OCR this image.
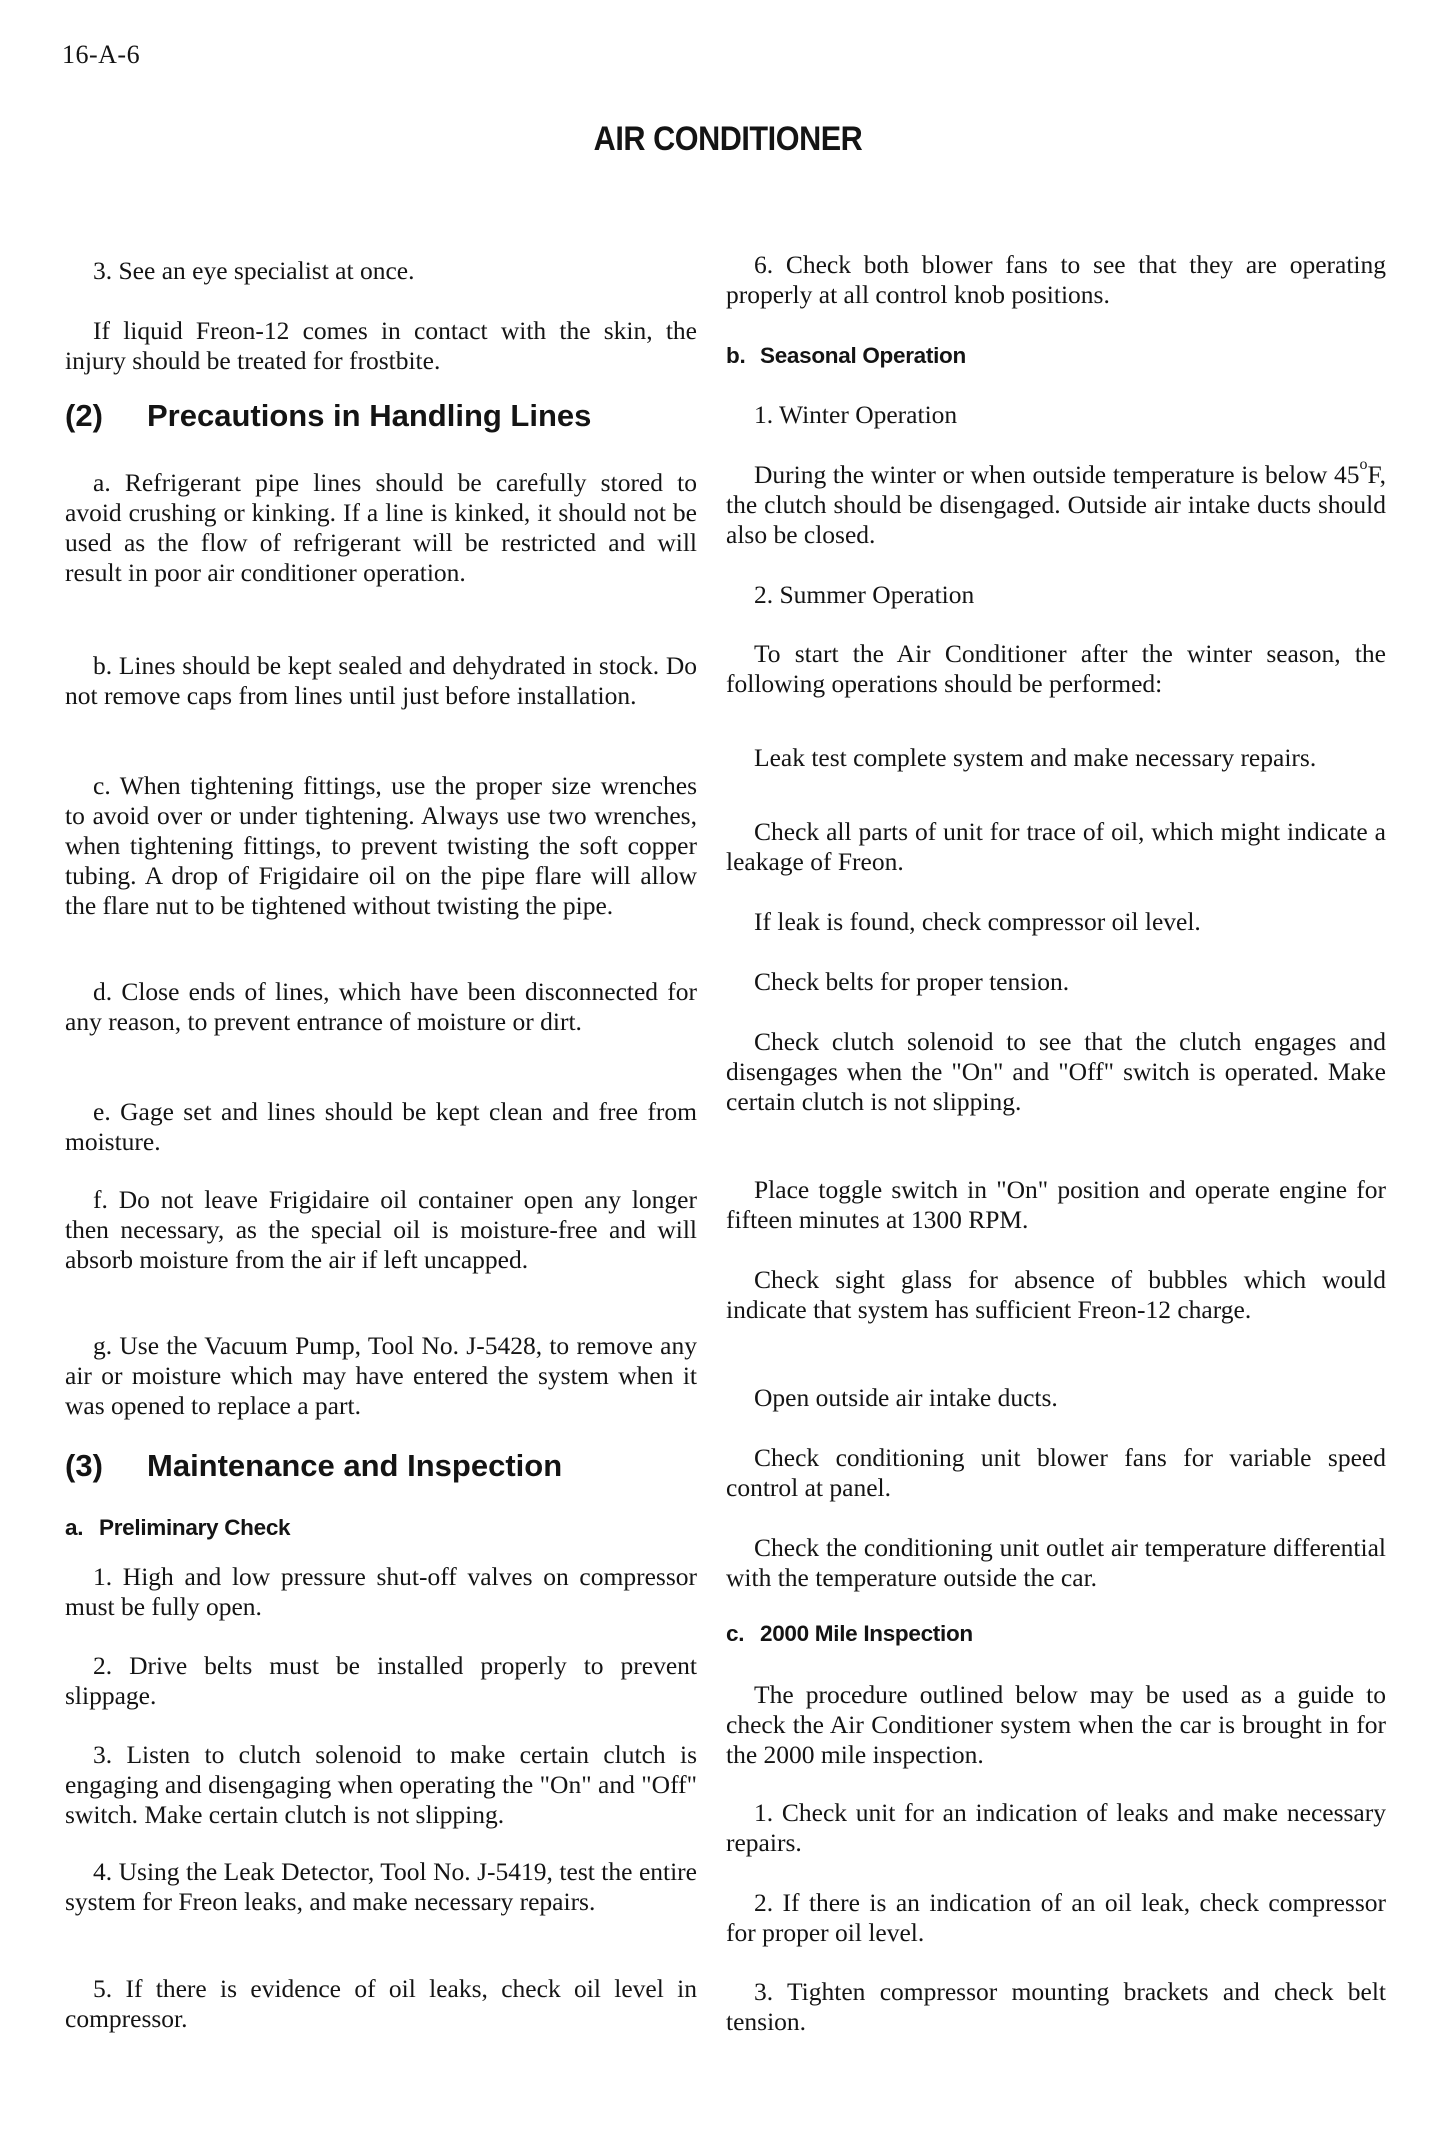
16-A-6
AIR CONDITIONER

3. See an eye specialist at once.

If liquid Freon-12 comes in contact with the skin, the injury should be treated for frostbite.

(2) Precautions in Handling Lines

a. Refrigerant pipe lines should be carefully stored to avoid crushing or kinking. If a line is kinked, it should not be used as the flow of refrigerant will be restricted and will result in poor air conditioner operation.

b. Lines should be kept sealed and dehydrated in stock. Do not remove caps from lines until just before installation.

c. When tightening fittings, use the proper size wrenches to avoid over or under tightening. Always use two wrenches, when tightening fittings, to prevent twisting the soft copper tubing. A drop of Frigidaire oil on the pipe flare will allow the flare nut to be tightened without twisting the pipe.

d. Close ends of lines, which have been disconnected for any reason, to prevent entrance of moisture or dirt.

e. Gage set and lines should be kept clean and free from moisture.

f. Do not leave Frigidaire oil container open any longer then necessary, as the special oil is moisture-free and will absorb moisture from the air if left uncapped.

g. Use the Vacuum Pump, Tool No. J-5428, to remove any air or moisture which may have entered the system when it was opened to replace a part.

(3) Maintenance and Inspection
a. Preliminary Check

1. High and low pressure shut-off valves on compressor must be fully open.

2. Drive belts must be installed properly to prevent slippage.

3. Listen to clutch solenoid to make certain clutch is engaging and disengaging when operating the "On" and "Off" switch. Make certain clutch is not slipping.

4. Using the Leak Detector, Tool No. J-5419, test the entire system for Freon leaks, and make necessary repairs.

5. If there is evidence of oil leaks, check oil level in compressor.

6. Check both blower fans to see that they are operating properly at all control knob positions.

b. Seasonal Operation

1. Winter Operation

During the winter or when outside temperature is below 45$^o$F, the clutch should be disengaged. Outside air intake ducts should also be closed.

2. Summer Operation

To start the Air Conditioner after the winter season, the following operations should be performed:

Leak test complete system and make necessary repairs.

Check all parts of unit for trace of oil, which might indicate a leakage of Freon.

If leak is found, check compressor oil level.

Check belts for proper tension.

Check clutch solenoid to see that the clutch engages and disengages when the "On" and "Off" switch is operated. Make certain clutch is not slipping.

Place toggle switch in "On" position and operate engine for fifteen minutes at 1300 RPM.

Check sight glass for absence of bubbles which would indicate that system has sufficient Freon-12 charge.

Open outside air intake ducts.

Check conditioning unit blower fans for variable speed control at panel.

Check the conditioning unit outlet air temperature differential with the temperature outside the car.

c. 2000 Mile Inspection

The procedure outlined below may be used as a guide to check the Air Conditioner system when the car is brought in for the 2000 mile inspection.

1. Check unit for an indication of leaks and make necessary repairs.

2. If there is an indication of an oil leak, check compressor for proper oil level.

3. Tighten compressor mounting brackets and check belt tension.
